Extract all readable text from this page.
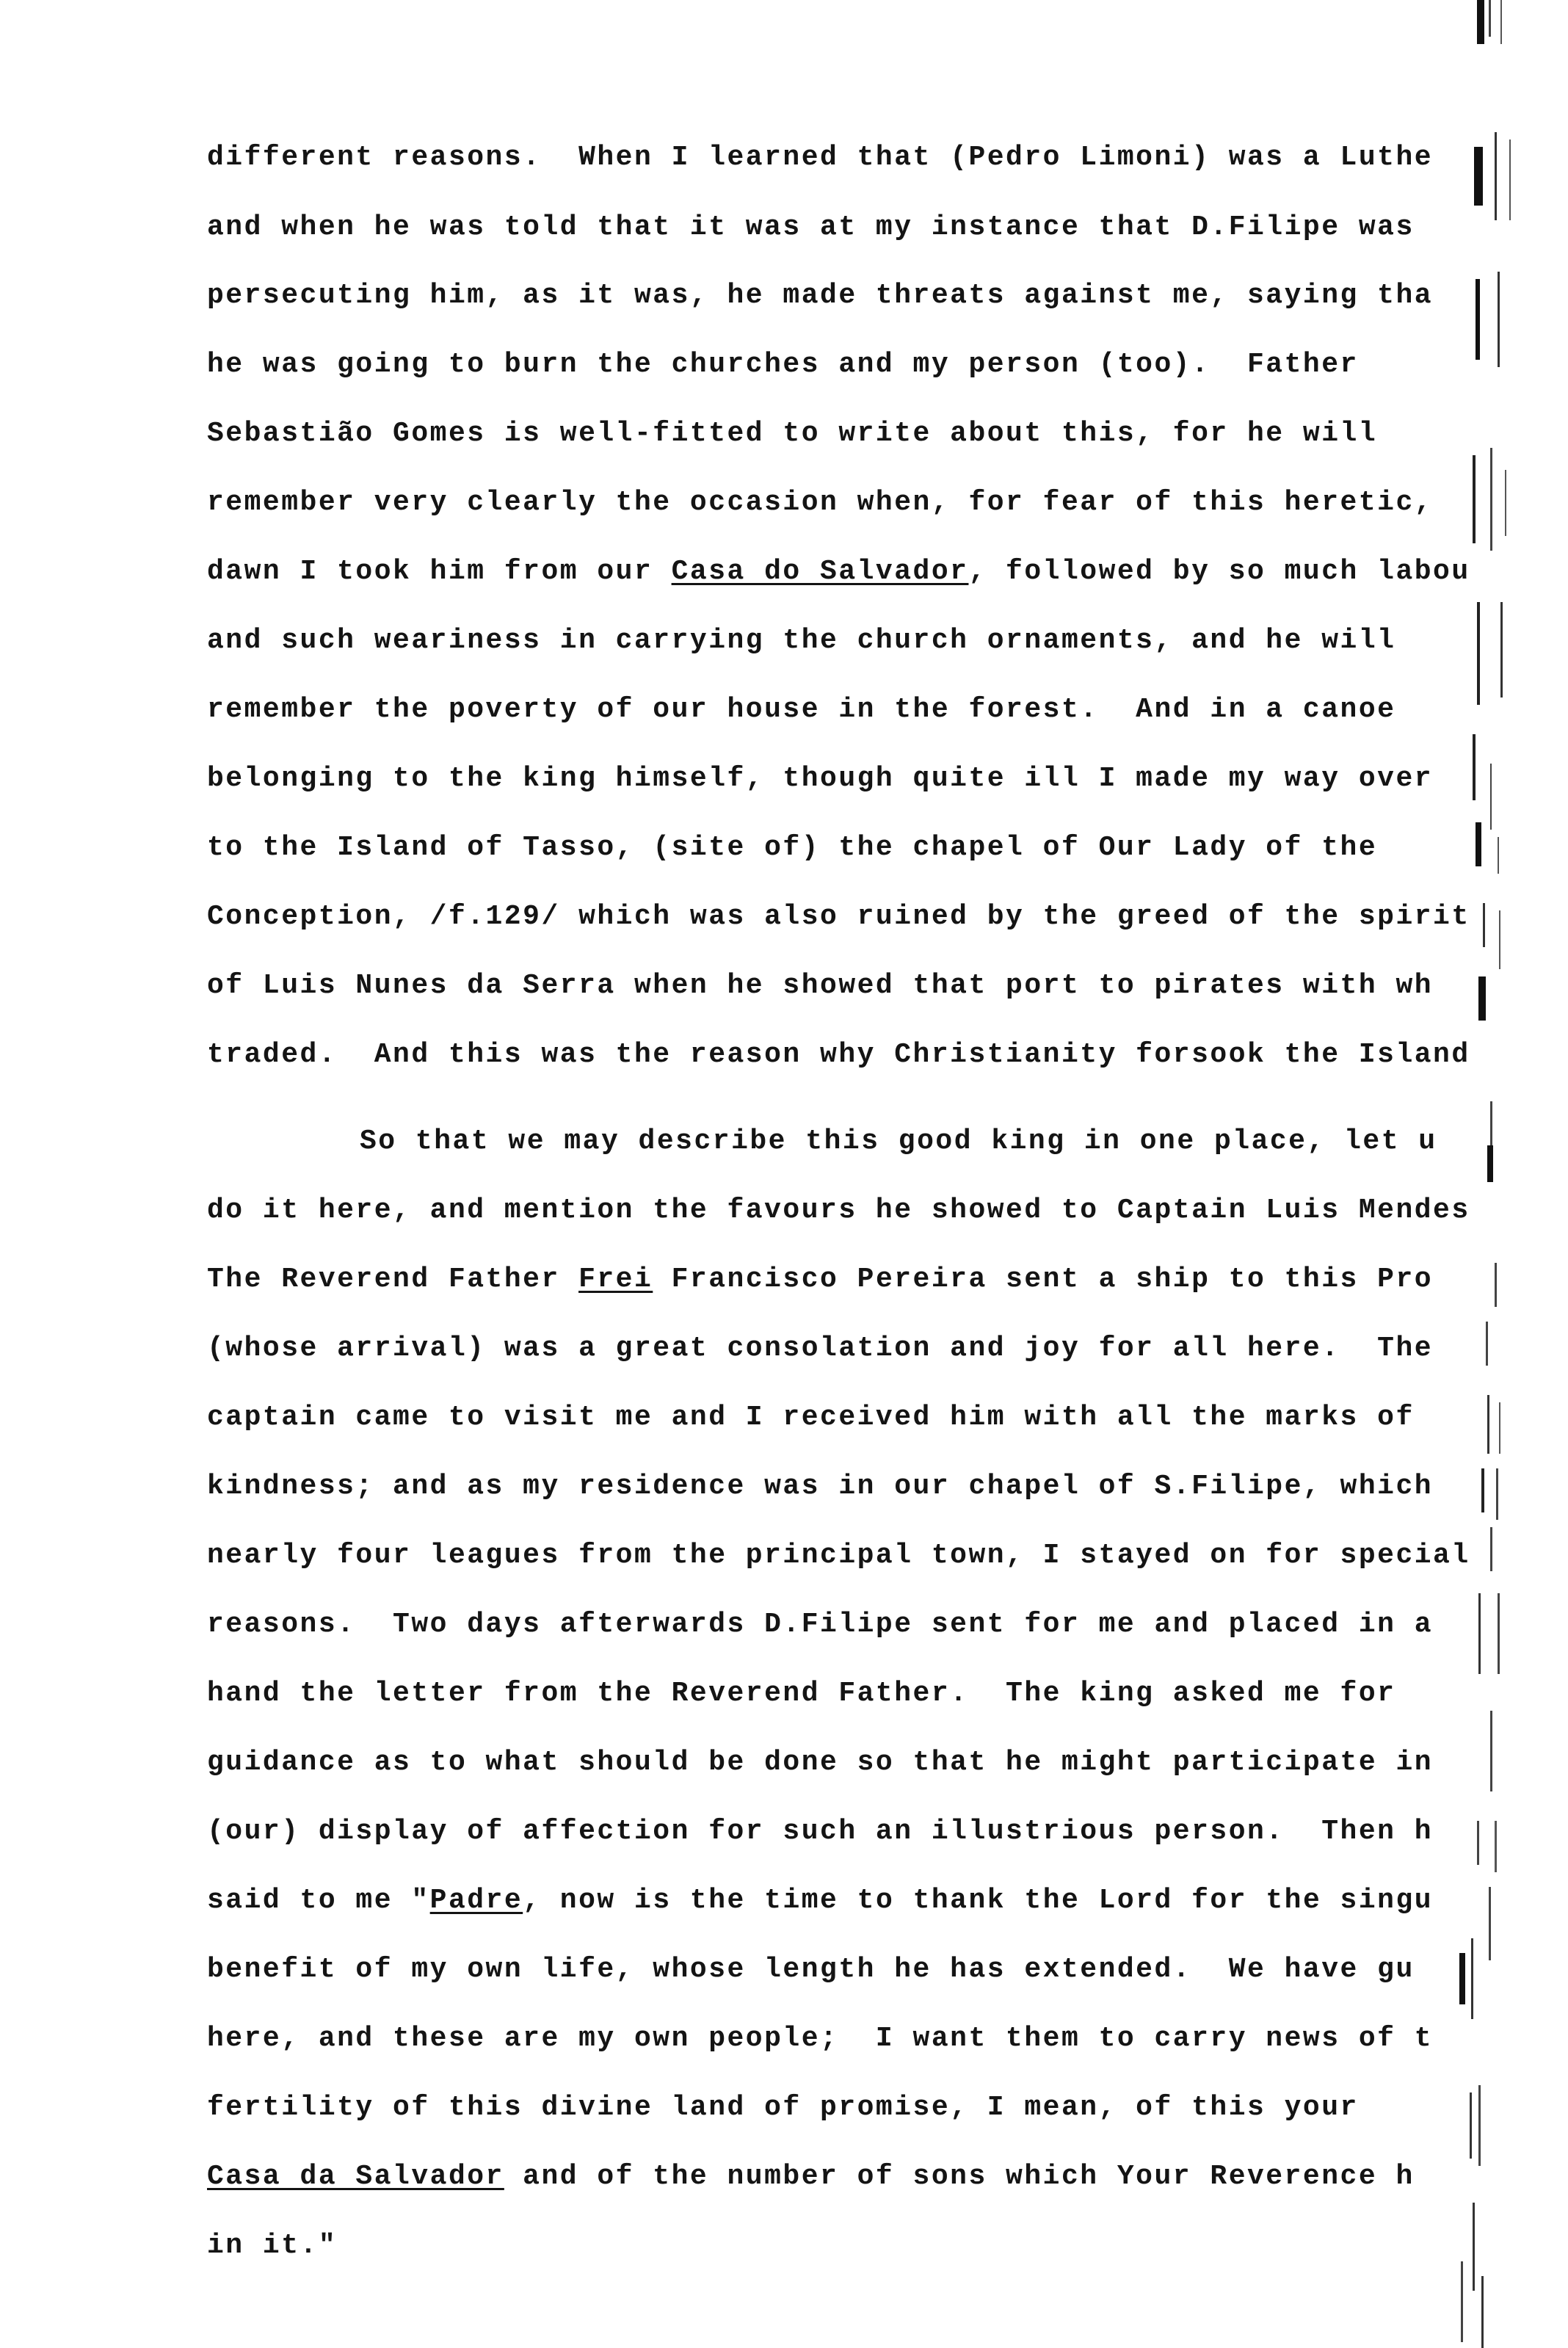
different reasons.  When I learned that (Pedro Limoni) was a Luthe
and when he was told that it was at my instance that D.Filipe was
persecuting him, as it was, he made threats against me, saying tha
he was going to burn the churches and my person (too).  Father
Sebastião Gomes is well-fitted to write about this, for he will
remember very clearly the occasion when, for fear of this heretic,
dawn I took him from our Casa do Salvador, followed by so much labou
and such weariness in carrying the church ornaments, and he will
remember the poverty of our house in the forest.  And in a canoe
belonging to the king himself, though quite ill I made my way over
to the Island of Tasso, (site of) the chapel of Our Lady of the
Conception, /f.129/ which was also ruined by the greed of the spirit
of Luis Nunes da Serra when he showed that port to pirates with wh
traded.  And this was the reason why Christianity forsook the Island
So that we may describe this good king in one place, let u
do it here, and mention the favours he showed to Captain Luis Mendes
The Reverend Father Frei Francisco Pereira sent a ship to this Pro
(whose arrival) was a great consolation and joy for all here.  The
captain came to visit me and I received him with all the marks of
kindness; and as my residence was in our chapel of S.Filipe, which
nearly four leagues from the principal town, I stayed on for special
reasons.  Two days afterwards D.Filipe sent for me and placed in a
hand the letter from the Reverend Father.  The king asked me for
guidance as to what should be done so that he might participate in
(our) display of affection for such an illustrious person.  Then h
said to me "Padre, now is the time to thank the Lord for the singu
benefit of my own life, whose length he has extended.  We have gu
here, and these are my own people;  I want them to carry news of t
fertility of this divine land of promise, I mean, of this your
Casa da Salvador and of the number of sons which Your Reverence h
in it."
